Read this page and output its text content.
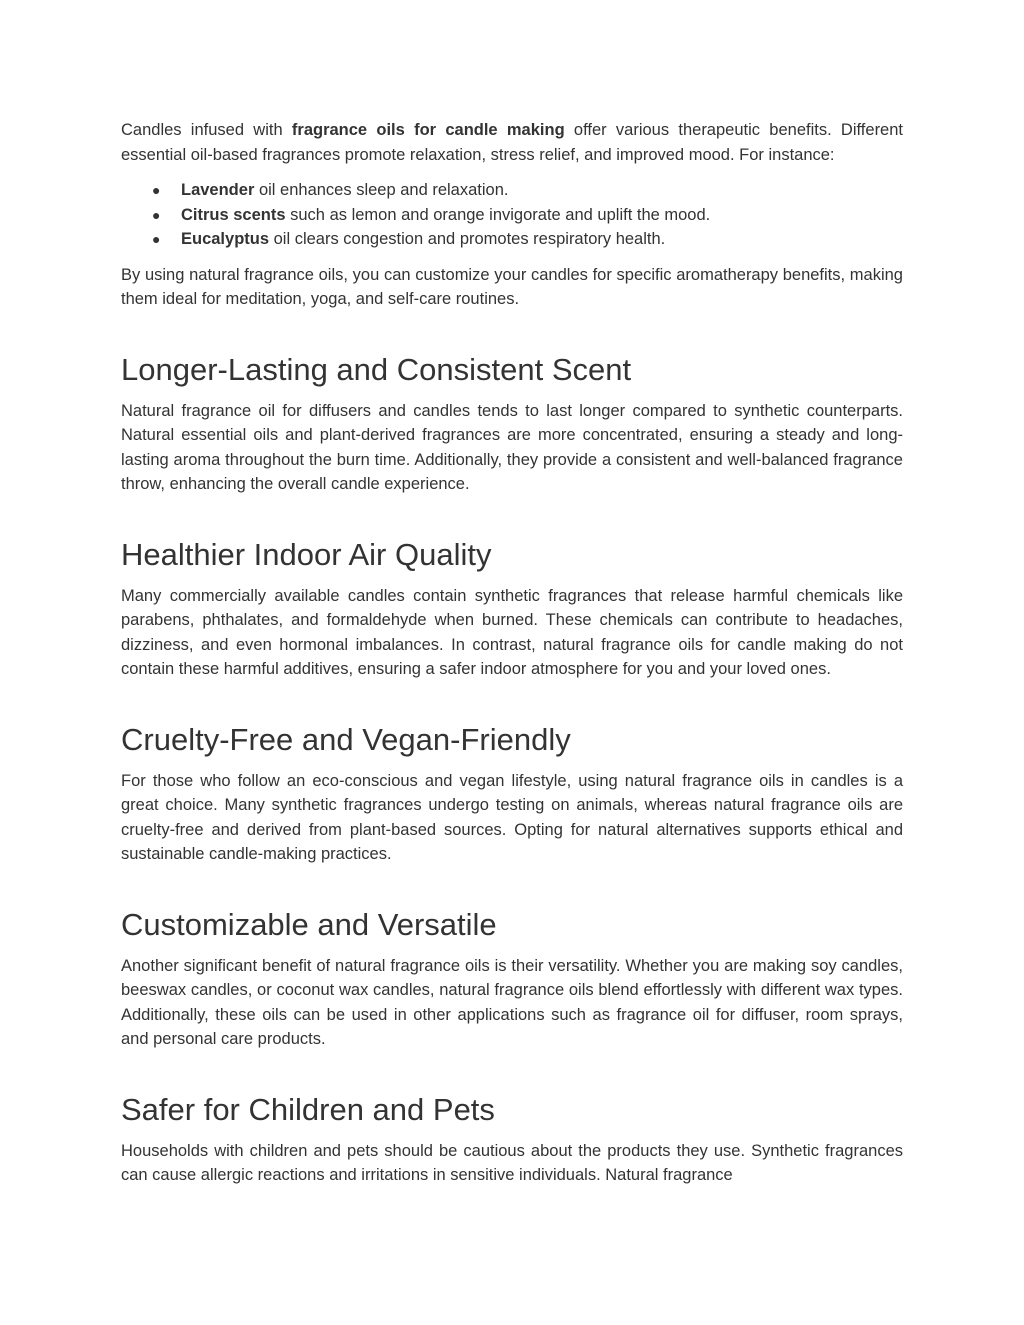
Candles infused with fragrance oils for candle making offer various therapeutic benefits. Different essential oil-based fragrances promote relaxation, stress relief, and improved mood. For instance:

● Lavender oil enhances sleep and relaxation.
● Citrus scents such as lemon and orange invigorate and uplift the mood.
● Eucalyptus oil clears congestion and promotes respiratory health.

By using natural fragrance oils, you can customize your candles for specific aromatherapy benefits, making them ideal for meditation, yoga, and self-care routines.

Longer-Lasting and Consistent Scent

Natural fragrance oil for diffusers and candles tends to last longer compared to synthetic counterparts. Natural essential oils and plant-derived fragrances are more concentrated, ensuring a steady and long-lasting aroma throughout the burn time. Additionally, they provide a consistent and well-balanced fragrance throw, enhancing the overall candle experience.

Healthier Indoor Air Quality

Many commercially available candles contain synthetic fragrances that release harmful chemicals like parabens, phthalates, and formaldehyde when burned. These chemicals can contribute to headaches, dizziness, and even hormonal imbalances. In contrast, natural fragrance oils for candle making do not contain these harmful additives, ensuring a safer indoor atmosphere for you and your loved ones.

Cruelty-Free and Vegan-Friendly

For those who follow an eco-conscious and vegan lifestyle, using natural fragrance oils in candles is a great choice. Many synthetic fragrances undergo testing on animals, whereas natural fragrance oils are cruelty-free and derived from plant-based sources. Opting for natural alternatives supports ethical and sustainable candle-making practices.

Customizable and Versatile

Another significant benefit of natural fragrance oils is their versatility. Whether you are making soy candles, beeswax candles, or coconut wax candles, natural fragrance oils blend effortlessly with different wax types. Additionally, these oils can be used in other applications such as fragrance oil for diffuser, room sprays, and personal care products.

Safer for Children and Pets

Households with children and pets should be cautious about the products they use. Synthetic fragrances can cause allergic reactions and irritations in sensitive individuals. Natural fragrance
